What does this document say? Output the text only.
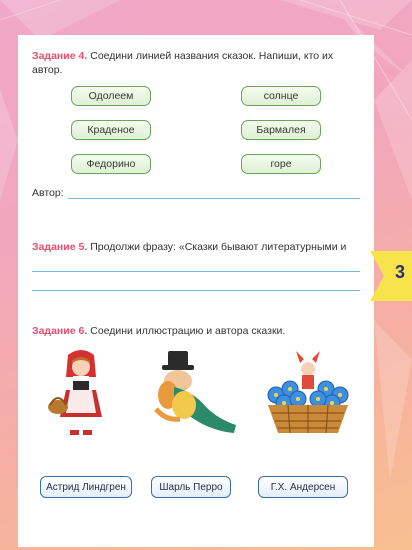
Задание 4. Соедини линией названия сказок. Напиши, кто их автор.
Одолеем
Краденое
Федорино
солнце
Бармалея
горе
Автор:
Задание 5. Продолжи фразу: «Сказки бывают литературными и
Задание 6. Соедини иллюстрацию и автора сказки.
Астрид Линдгрен	Шарль Перро	Г.Х. Андерсен
3
